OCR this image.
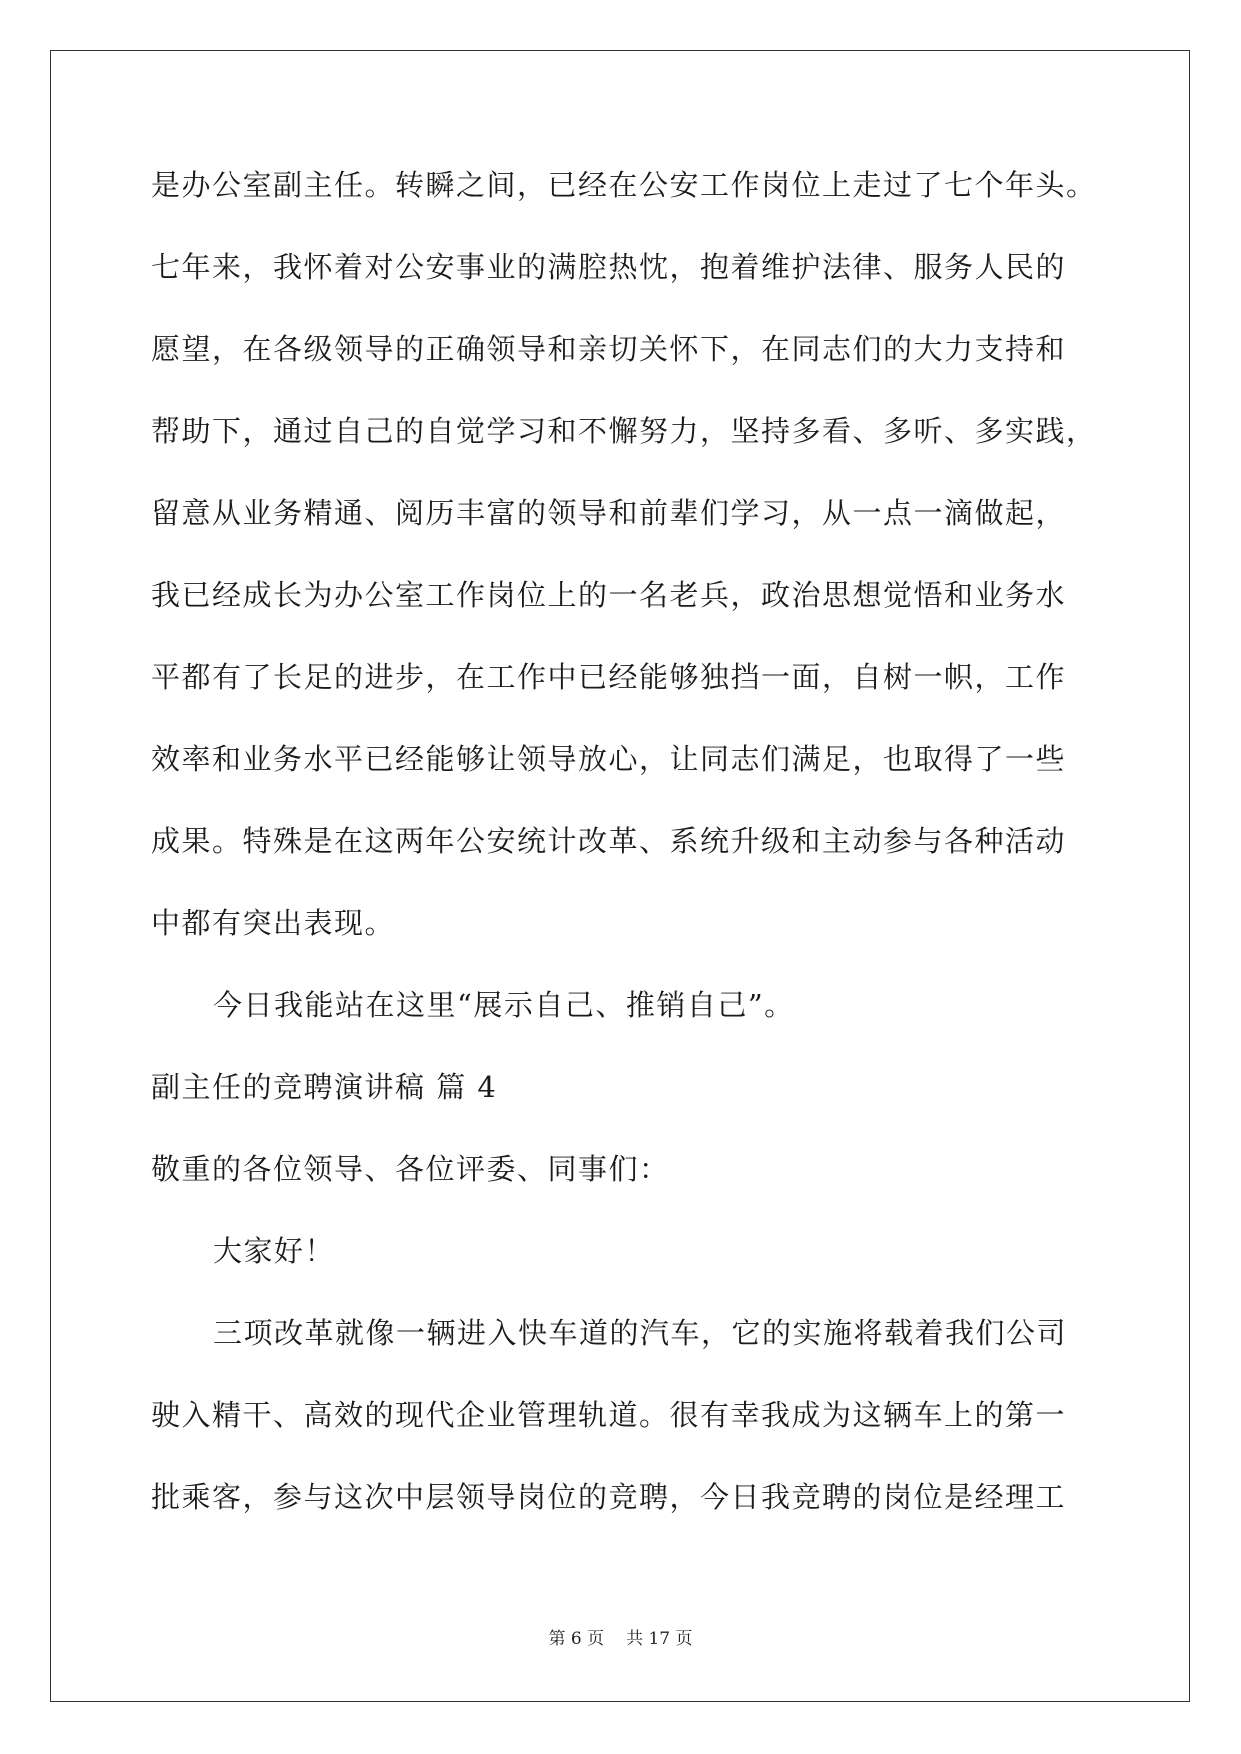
是办公室副主任。转瞬之间，已经在公安工作岗位上走过了七个年头。
七年来，我怀着对公安事业的满腔热忱，抱着维护法律、服务人民的
愿望，在各级领导的正确领导和亲切关怀下，在同志们的大力支持和
帮助下，通过自己的自觉学习和不懈努力，坚持多看、多听、多实践，
留意从业务精通、阅历丰富的领导和前辈们学习，从一点一滴做起，
我已经成长为办公室工作岗位上的一名老兵，政治思想觉悟和业务水
平都有了长足的进步，在工作中已经能够独挡一面，自树一帜，工作
效率和业务水平已经能够让领导放心，让同志们满足，也取得了一些
成果。特殊是在这两年公安统计改革、系统升级和主动参与各种活动
中都有突出表现。
今日我能站在这里“展示自己、推销自己”。
副主任的竞聘演讲稿 篇 4
敬重的各位领导、各位评委、同事们：
大家好！
三项改革就像一辆进入快车道的汽车，它的实施将载着我们公司
驶入精干、高效的现代企业管理轨道。很有幸我成为这辆车上的第一
批乘客，参与这次中层领导岗位的竞聘，今日我竞聘的岗位是经理工
第 6 页 共 17 页
